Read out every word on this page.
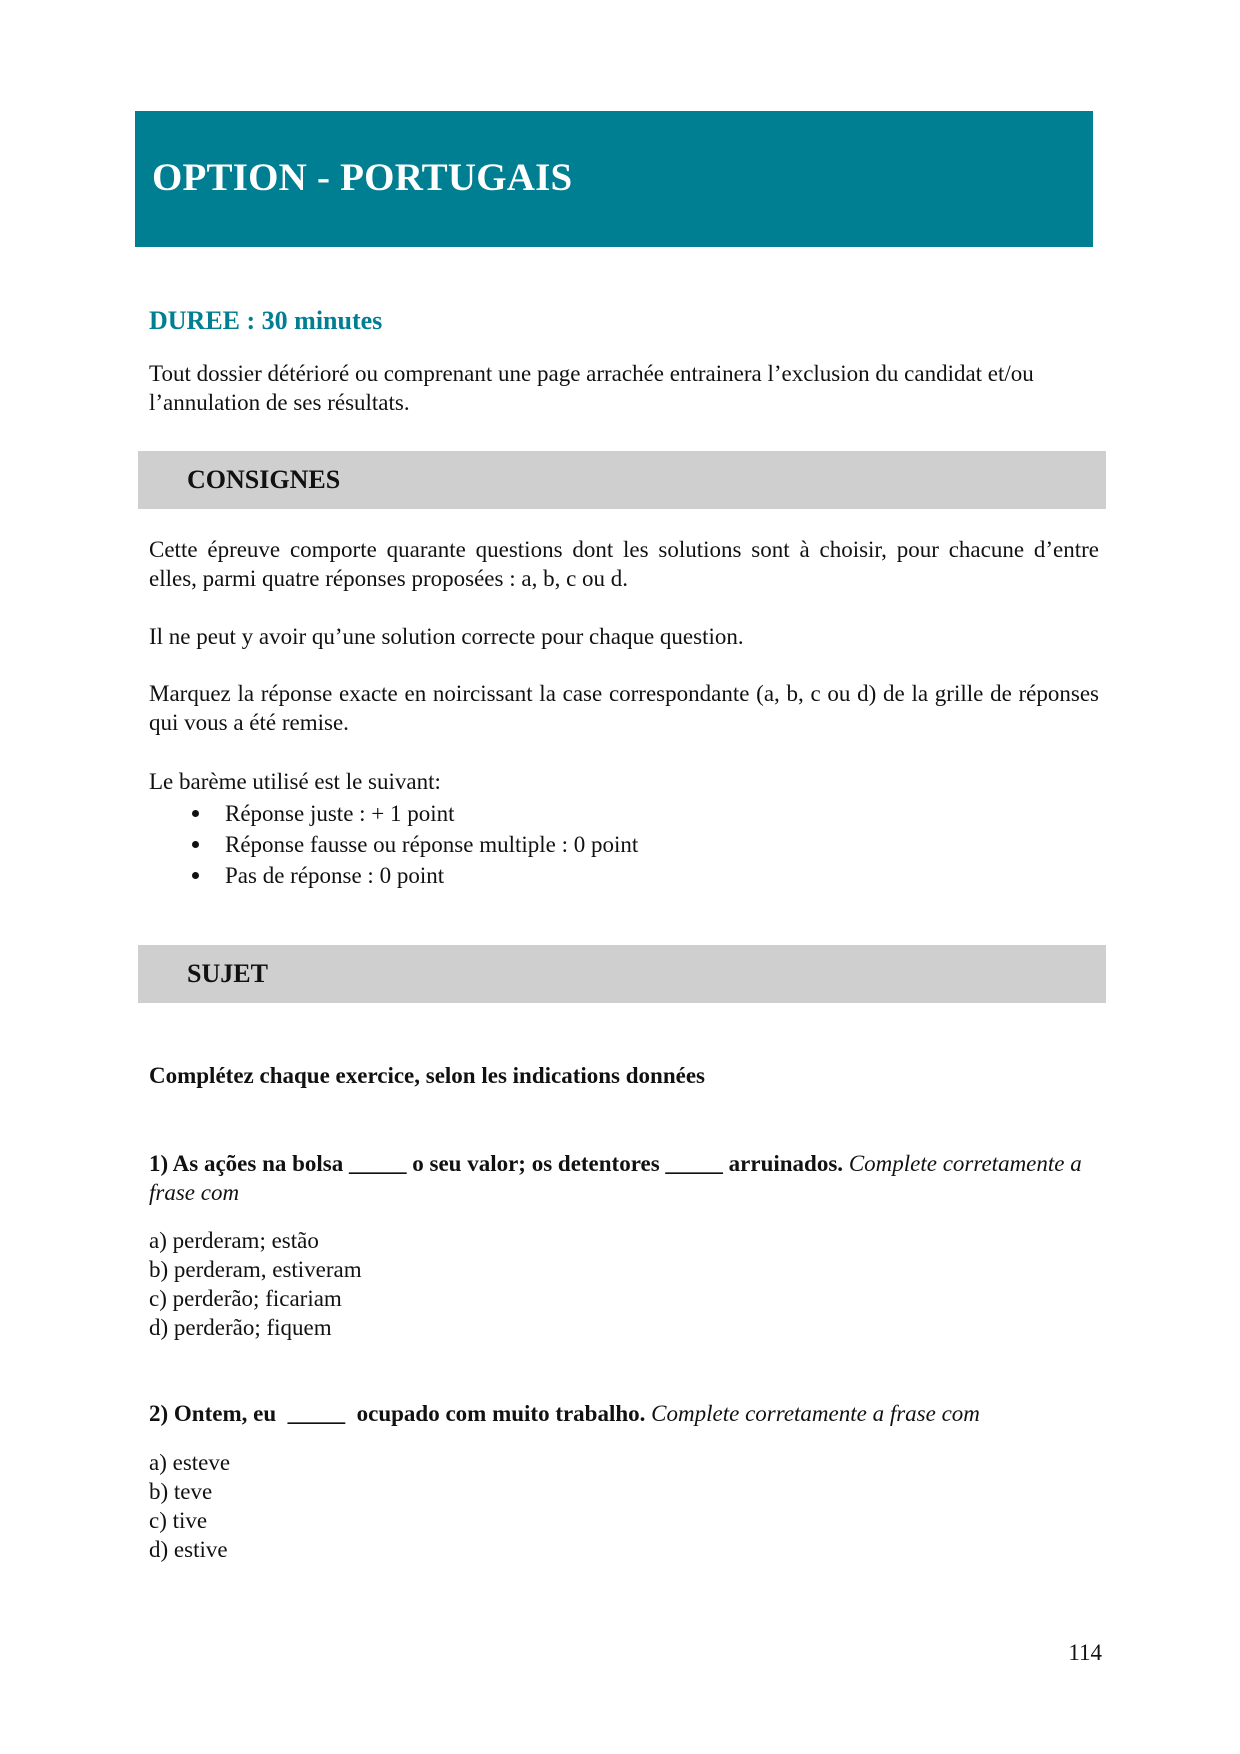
OPTION - PORTUGAIS

DUREE : 30 minutes

Tout dossier détérioré ou comprenant une page arrachée entrainera l’exclusion du candidat et/ou l’annulation de ses résultats.

CONSIGNES

Cette épreuve comporte quarante questions dont les solutions sont à choisir, pour chacune d’entre elles, parmi quatre réponses proposées : a, b, c ou d.

Il ne peut y avoir qu’une solution correcte pour chaque question.

Marquez la réponse exacte en noircissant la case correspondante (a, b, c ou d) de la grille de réponses qui vous a été remise.

Le barème utilisé est le suivant:

Réponse juste : + 1 point
Réponse fausse ou réponse multiple : 0 point
Pas de réponse : 0 point
SUJET

Complétez chaque exercice, selon les indications données

1) As ações na bolsa _____ o seu valor; os detentores _____ arruinados. Complete corretamente a frase com

a) perderam; estão
b) perderam, estiveram
c) perderão; ficariam
d) perderão; fiquem

2) Ontem, eu  _____  ocupado com muito trabalho. Complete corretamente a frase com

a) esteve
b) teve
c) tive
d) estive
114
